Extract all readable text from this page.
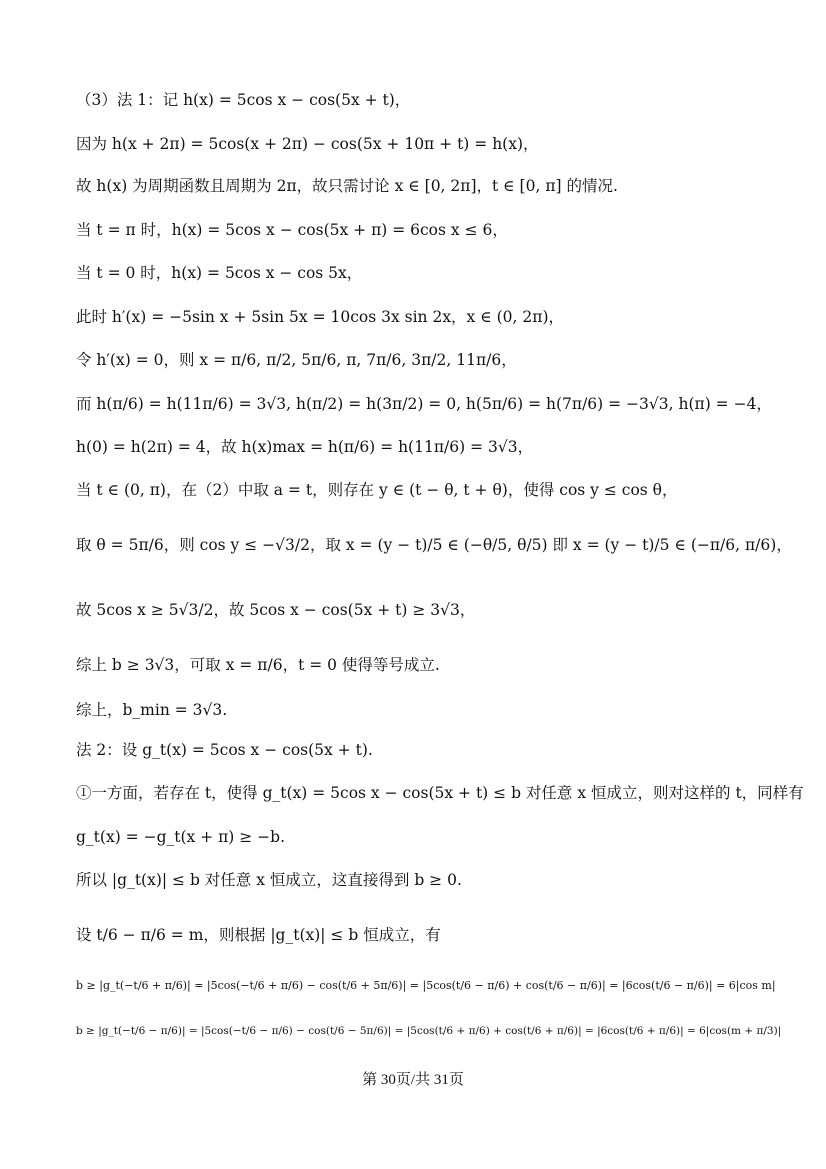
（3）法 1：记 h(x) = 5cos x − cos(5x + t)，
因为 h(x + 2π) = 5cos(x + 2π) − cos(5x + 10π + t) = h(x)，
故 h(x) 为周期函数且周期为 2π，故只需讨论 x ∈ [0, 2π]，t ∈ [0, π] 的情况.
当 t = π 时，h(x) = 5cos x − cos(5x + π) = 6cos x ≤ 6，
当 t = 0 时，h(x) = 5cos x − cos 5x，
此时 h′(x) = −5sin x + 5sin 5x = 10cos 3x sin 2x，x ∈ (0, 2π)，
令 h′(x) = 0，则 x = π/6, π/2, 5π/6, π, 7π/6, 3π/2, 11π/6，
而 h(π/6) = h(11π/6) = 3√3, h(π/2) = h(3π/2) = 0, h(5π/6) = h(7π/6) = −3√3, h(π) = −4，
h(0) = h(2π) = 4，故 h(x)max = h(π/6) = h(11π/6) = 3√3，
当 t ∈ (0, π)，在（2）中取 a = t，则存在 y ∈ (t − θ, t + θ)，使得 cos y ≤ cos θ，
取 θ = 5π/6，则 cos y ≤ −√3/2，取 x = (y − t)/5 ∈ (−θ/5, θ/5) 即 x = (y − t)/5 ∈ (−π/6, π/6)，
故 5cos x ≥ 5√3/2，故 5cos x − cos(5x + t) ≥ 3√3，
综上 b ≥ 3√3，可取 x = π/6，t = 0 使得等号成立.
综上，b_min = 3√3.
法 2：设 g_t(x) = 5cos x − cos(5x + t).
①一方面，若存在 t，使得 g_t(x) = 5cos x − cos(5x + t) ≤ b 对任意 x 恒成立，则对这样的 t，同样有
g_t(x) = −g_t(x + π) ≥ −b.
所以 |g_t(x)| ≤ b 对任意 x 恒成立，这直接得到 b ≥ 0.
设 t/6 − π/6 = m，则根据 |g_t(x)| ≤ b 恒成立，有
b ≥ |g_t(−t/6 + π/6)| = |5cos(−t/6 + π/6) − cos(t/6 + 5π/6)| = |5cos(t/6 − π/6) + cos(t/6 − π/6)| = |6cos(t/6 − π/6)| = 6|cos m|
b ≥ |g_t(−t/6 − π/6)| = |5cos(−t/6 − π/6) − cos(t/6 − 5π/6)| = |5cos(t/6 + π/6) + cos(t/6 + π/6)| = |6cos(t/6 + π/6)| = 6|cos(m + π/3)|
第 30页/共 31页
